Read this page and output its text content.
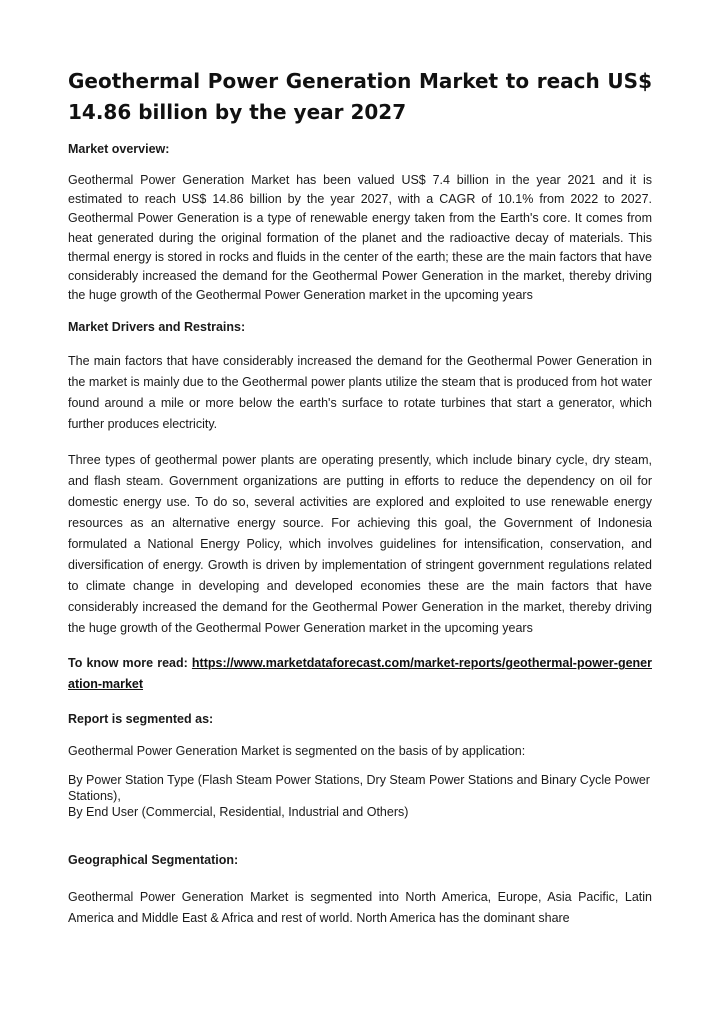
Geothermal Power Generation Market to reach US$ 14.86 billion by the year 2027
Market overview:

Geothermal Power Generation Market has been valued US$ 7.4 billion in the year 2021 and it is estimated to reach US$ 14.86 billion by the year 2027, with a CAGR of 10.1% from 2022 to 2027. Geothermal Power Generation is a type of renewable energy taken from the Earth's core. It comes from heat generated during the original formation of the planet and the radioactive decay of materials. This thermal energy is stored in rocks and fluids in the center of the earth; these are the main factors that have considerably increased the demand for the Geothermal Power Generation in the market, thereby driving the huge growth of the Geothermal Power Generation market in the upcoming years

Market Drivers and Restrains:

The main factors that have considerably increased the demand for the Geothermal Power Generation in the market is mainly due to the Geothermal power plants utilize the steam that is produced from hot water found around a mile or more below the earth's surface to rotate turbines that start a generator, which further produces electricity.

Three types of geothermal power plants are operating presently, which include binary cycle, dry steam, and flash steam. Government organizations are putting in efforts to reduce the dependency on oil for domestic energy use. To do so, several activities are explored and exploited to use renewable energy resources as an alternative energy source. For achieving this goal, the Government of Indonesia formulated a National Energy Policy, which involves guidelines for intensification, conservation, and diversification of energy. Growth is driven by implementation of stringent government regulations related to climate change in developing and developed economies these are the main factors that have considerably increased the demand for the Geothermal Power Generation in the market, thereby driving the huge growth of the Geothermal Power Generation market in the upcoming years

To know more read: https://www.marketdataforecast.com/market-reports/geothermal-power-generation-market

Report is segmented as:

Geothermal Power Generation Market is segmented on the basis of by application:

By Power Station Type (Flash Steam Power Stations, Dry Steam Power Stations and Binary Cycle Power Stations),

By End User (Commercial, Residential, Industrial and Others)

Geographical Segmentation:

Geothermal Power Generation Market is segmented into North America, Europe, Asia Pacific, Latin America and Middle East & Africa and rest of world. North America has the dominant share
